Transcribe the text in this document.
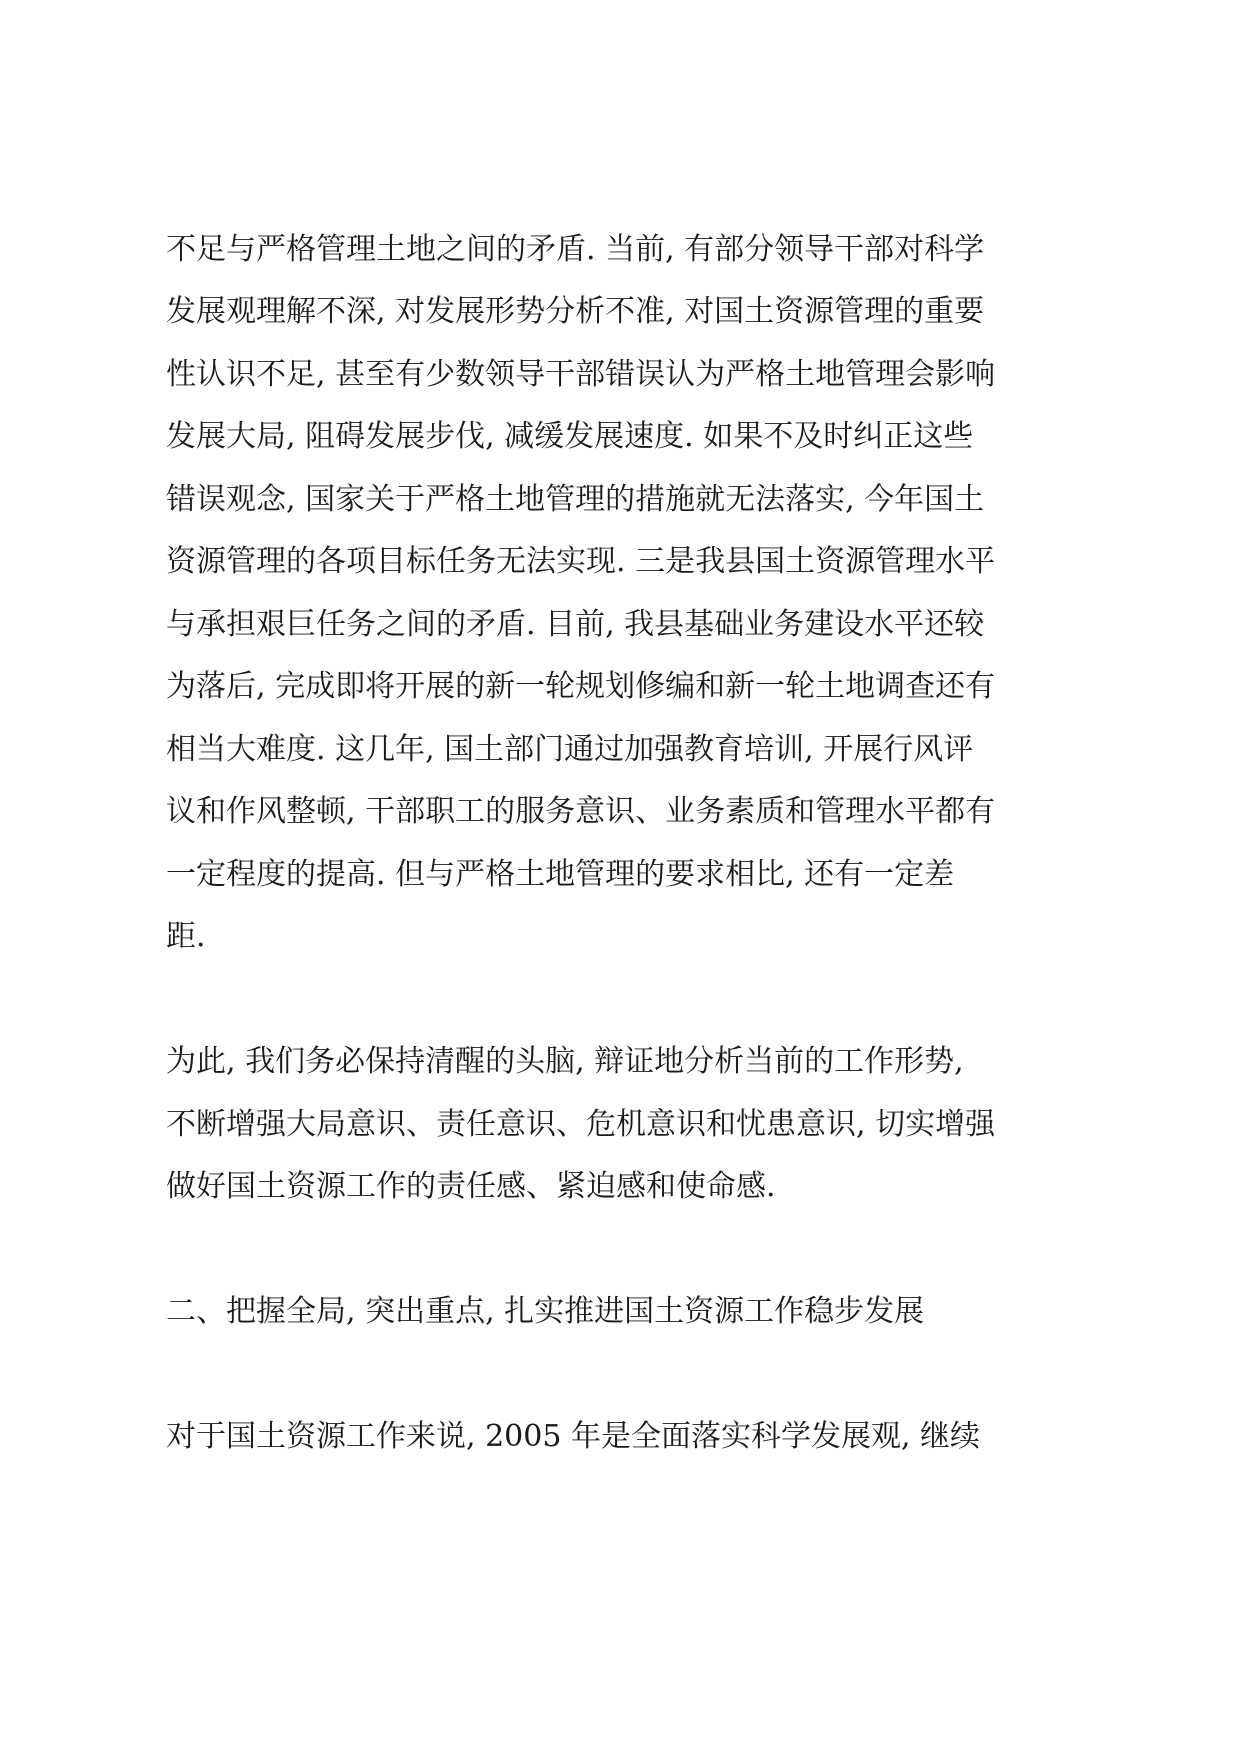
不足与严格管理土地之间的矛盾. 当前, 有部分领导干部对科学

发展观理解不深, 对发展形势分析不准, 对国土资源管理的重要

性认识不足, 甚至有少数领导干部错误认为严格土地管理会影响

发展大局, 阻碍发展步伐, 减缓发展速度. 如果不及时纠正这些

错误观念, 国家关于严格土地管理的措施就无法落实, 今年国土

资源管理的各项目标任务无法实现. 三是我县国土资源管理水平

与承担艰巨任务之间的矛盾. 目前, 我县基础业务建设水平还较

为落后, 完成即将开展的新一轮规划修编和新一轮土地调查还有

相当大难度. 这几年, 国土部门通过加强教育培训, 开展行风评

议和作风整顿, 干部职工的服务意识、业务素质和管理水平都有

一定程度的提高. 但与严格土地管理的要求相比, 还有一定差

距.

为此, 我们务必保持清醒的头脑, 辩证地分析当前的工作形势,

不断增强大局意识、责任意识、危机意识和忧患意识, 切实增强

做好国土资源工作的责任感、紧迫感和使命感.

二、把握全局, 突出重点, 扎实推进国土资源工作稳步发展

对于国土资源工作来说, 2005 年是全面落实科学发展观, 继续
